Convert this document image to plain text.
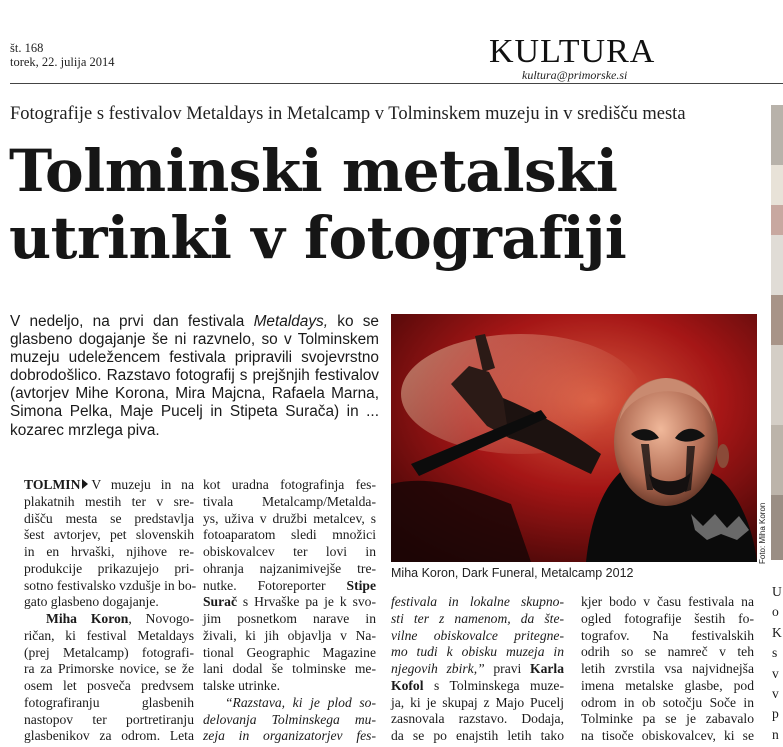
št. 168
torek, 22. julija 2014	KULTURA
kultura@primorske.si
Fotografije s festivalov Metaldays in Metalcamp v Tolminskem muzeju in v središču mesta
Tolminski metalski
utrinki v fotografiji

V nedeljo, na prvi dan festivala Metaldays, ko se glasbeno dogajanje še ni razvnelo, so v Tolminskem muzeju udeležencem festivala pripravili svojevrstno dobrodošlico. Razstavo fotografij s prejšnjih festivalov (avtorjev Mihe Korona, Mira Majcna, Rafaela Marna, Simona Pelka, Maje Pucelj in Stipeta Surača) in ... kozarec mrzlega piva.

Miha Koron, Dark Funeral, Metalcamp 2012
Foto: Miha Koron
U
o
K
s
v
v
p
n
TOLMIN V muzeju in na
plakatnih mestih ter v sre-
dišču mesta se predstavlja
šest avtorjev, pet slovenskih
in en hrvaški, njihove re-
produkcije prikazujejo pri-
sotno festivalsko vzdušje in bo-
gato glasbeno dogajanje.
Miha Koron, Novogo-
ričan, ki festival Metaldays
(prej Metalcamp) fotografi-
ra za Primorske novice, se že
osem let posveča predvsem
fotografiranju glasbenih
nastopov ter portretiranju
glasbenikov za odrom. Leta
kot uradna fotografinja fes-
tivala Metalcamp/Metalda-
ys, uživa v družbi metalcev, s
fotoaparatom sledi množici
obiskovalcev ter lovi in
ohranja najzanimivejše tre-
nutke. Fotoreporter Stipe
Surač s Hrvaške pa je k svo-
jim posnetkom narave in
živali, ki jih objavlja v Na-
tional Geographic Magazine
lani dodal še tolminske me-
talske utrinke.
“Razstava, ki je plod so-
delovanja Tolminskega mu-
zeja in organizatorjev fes-
festivala in lokalne skupno-
sti ter z namenom, da šte-
vilne obiskovalce pritegne-
mo tudi k obisku muzeja in
njegovih zbirk,” pravi Karla
Kofol s Tolminskega muze-
ja, ki je skupaj z Majo Pucelj
zasnovala razstavo. Dodaja,
da se po enajstih letih tako
kjer bodo v času festivala na
ogled fotografije šestih fo-
tografov. Na festivalskih
odrih so se namreč v teh
letih zvrstila vsa najvidnejša
imena metalske glasbe, pod
odrom in ob sotočju Soče in
Tolminke pa se je zabavalo
na tisoče obiskovalcev, ki se
